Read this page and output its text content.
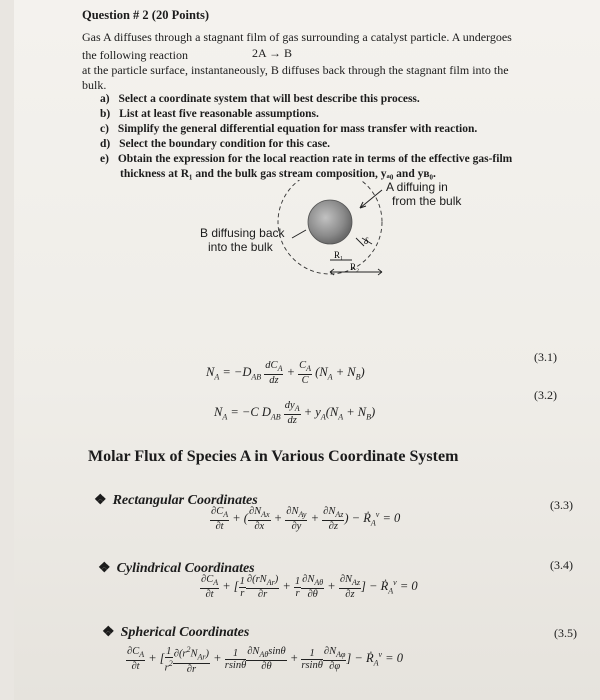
Question # 2 (20 Points)
Gas A diffuses through a stagnant film of gas surrounding a catalyst particle. A undergoes
the following reaction	2A → B
at the particle surface, instantaneously, B diffuses back through the stagnant film into the
bulk.
a) Select a coordinate system that will best describe this process.
b) List at least five reasonable assumptions.
c) Simplify the general differential equation for mass transfer with reaction.
d) Select the boundary condition for this case.
e) Obtain the expression for the local reaction rate in terms of the effective gas-film
thickness at R₁ and the bulk gas stream composition, yₐ₀ and yʙ₀.
δ
R₁
R₂
A diffuing in
from the bulk
B diffusing back
into the bulk
$N_A = -D_{AB} \frac{dC_A}{dz} + \frac{C_A}{C} (N_A + N_B)$
(3.1)
$N_A = -C$ $D_{AB} \frac{dy_A}{dz} + y_A(N_A + N_B)$
(3.2)
Molar Flux of Species A in Various Coordinate System
❖ Rectangular Coordinates
$\frac{\partial C_A}{\partial t}$ + ( $\frac{\partial N_{Ax}}{\partial x} + \frac{\partial N_{Ay}}{\partial y} + \frac{\partial N_{Az}}{\partial z}$ ) − $Ṙ_A^v = 0$
(3.3)
❖ Cylindrical Coordinates
$\frac{\partial C_A}{\partial t}$ + [ $\frac{1}{r} \frac{\partial(rN_{Ar})}{\partial r} + \frac{1}{r} \frac{\partial N_{A\theta}}{\partial\theta} + \frac{\partial N_{Az}}{\partial z}$ ] − $Ṙ_A^v = 0$
(3.4)
❖ Spherical Coordinates
$\frac{\partial C_A}{\partial t}$ + [ $\frac{1}{r^2} \frac{\partial(r^2N_{Ar})}{\partial r} + \frac{1}{rsin\theta} \frac{\partial N_{A\theta}\sin\theta}{\partial\theta} + \frac{1}{rsin\theta} \frac{\partial N_{A\varphi}}{\partial\varphi}$ ] − $Ṙ_A^v = 0$
(3.5)
